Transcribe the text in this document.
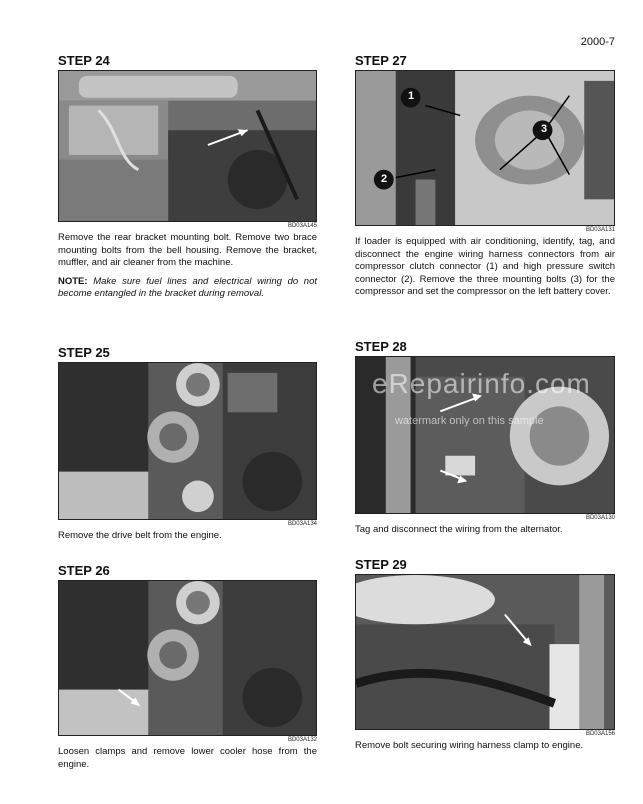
2000-7
STEP 24
BD03A145

Remove the rear bracket mounting bolt. Remove two brace mounting bolts from the bell housing. Remove the bracket, muffler, and air cleaner from the machine.

NOTE: Make sure fuel lines and electrical wiring do not become entangled in the bracket during removal.

STEP 25
BD03A134

Remove the drive belt from the engine.

STEP 26
BD03A132

Loosen clamps and remove lower cooler hose from the engine.

STEP 27
1
2
3
BD03A131

If loader is equipped with air conditioning, identify, tag, and disconnect the engine wiring harness connectors from air compressor clutch connector (1) and high pressure switch connector (2). Remove the three mounting bolts (3) for the compressor and set the compressor on the left battery cover.

STEP 28
BD03A130

Tag and disconnect the wiring from the alternator.

STEP 29
BD03A156

Remove bolt securing wiring harness clamp to engine.

eRepairinfo.com
watermark only on this sample
